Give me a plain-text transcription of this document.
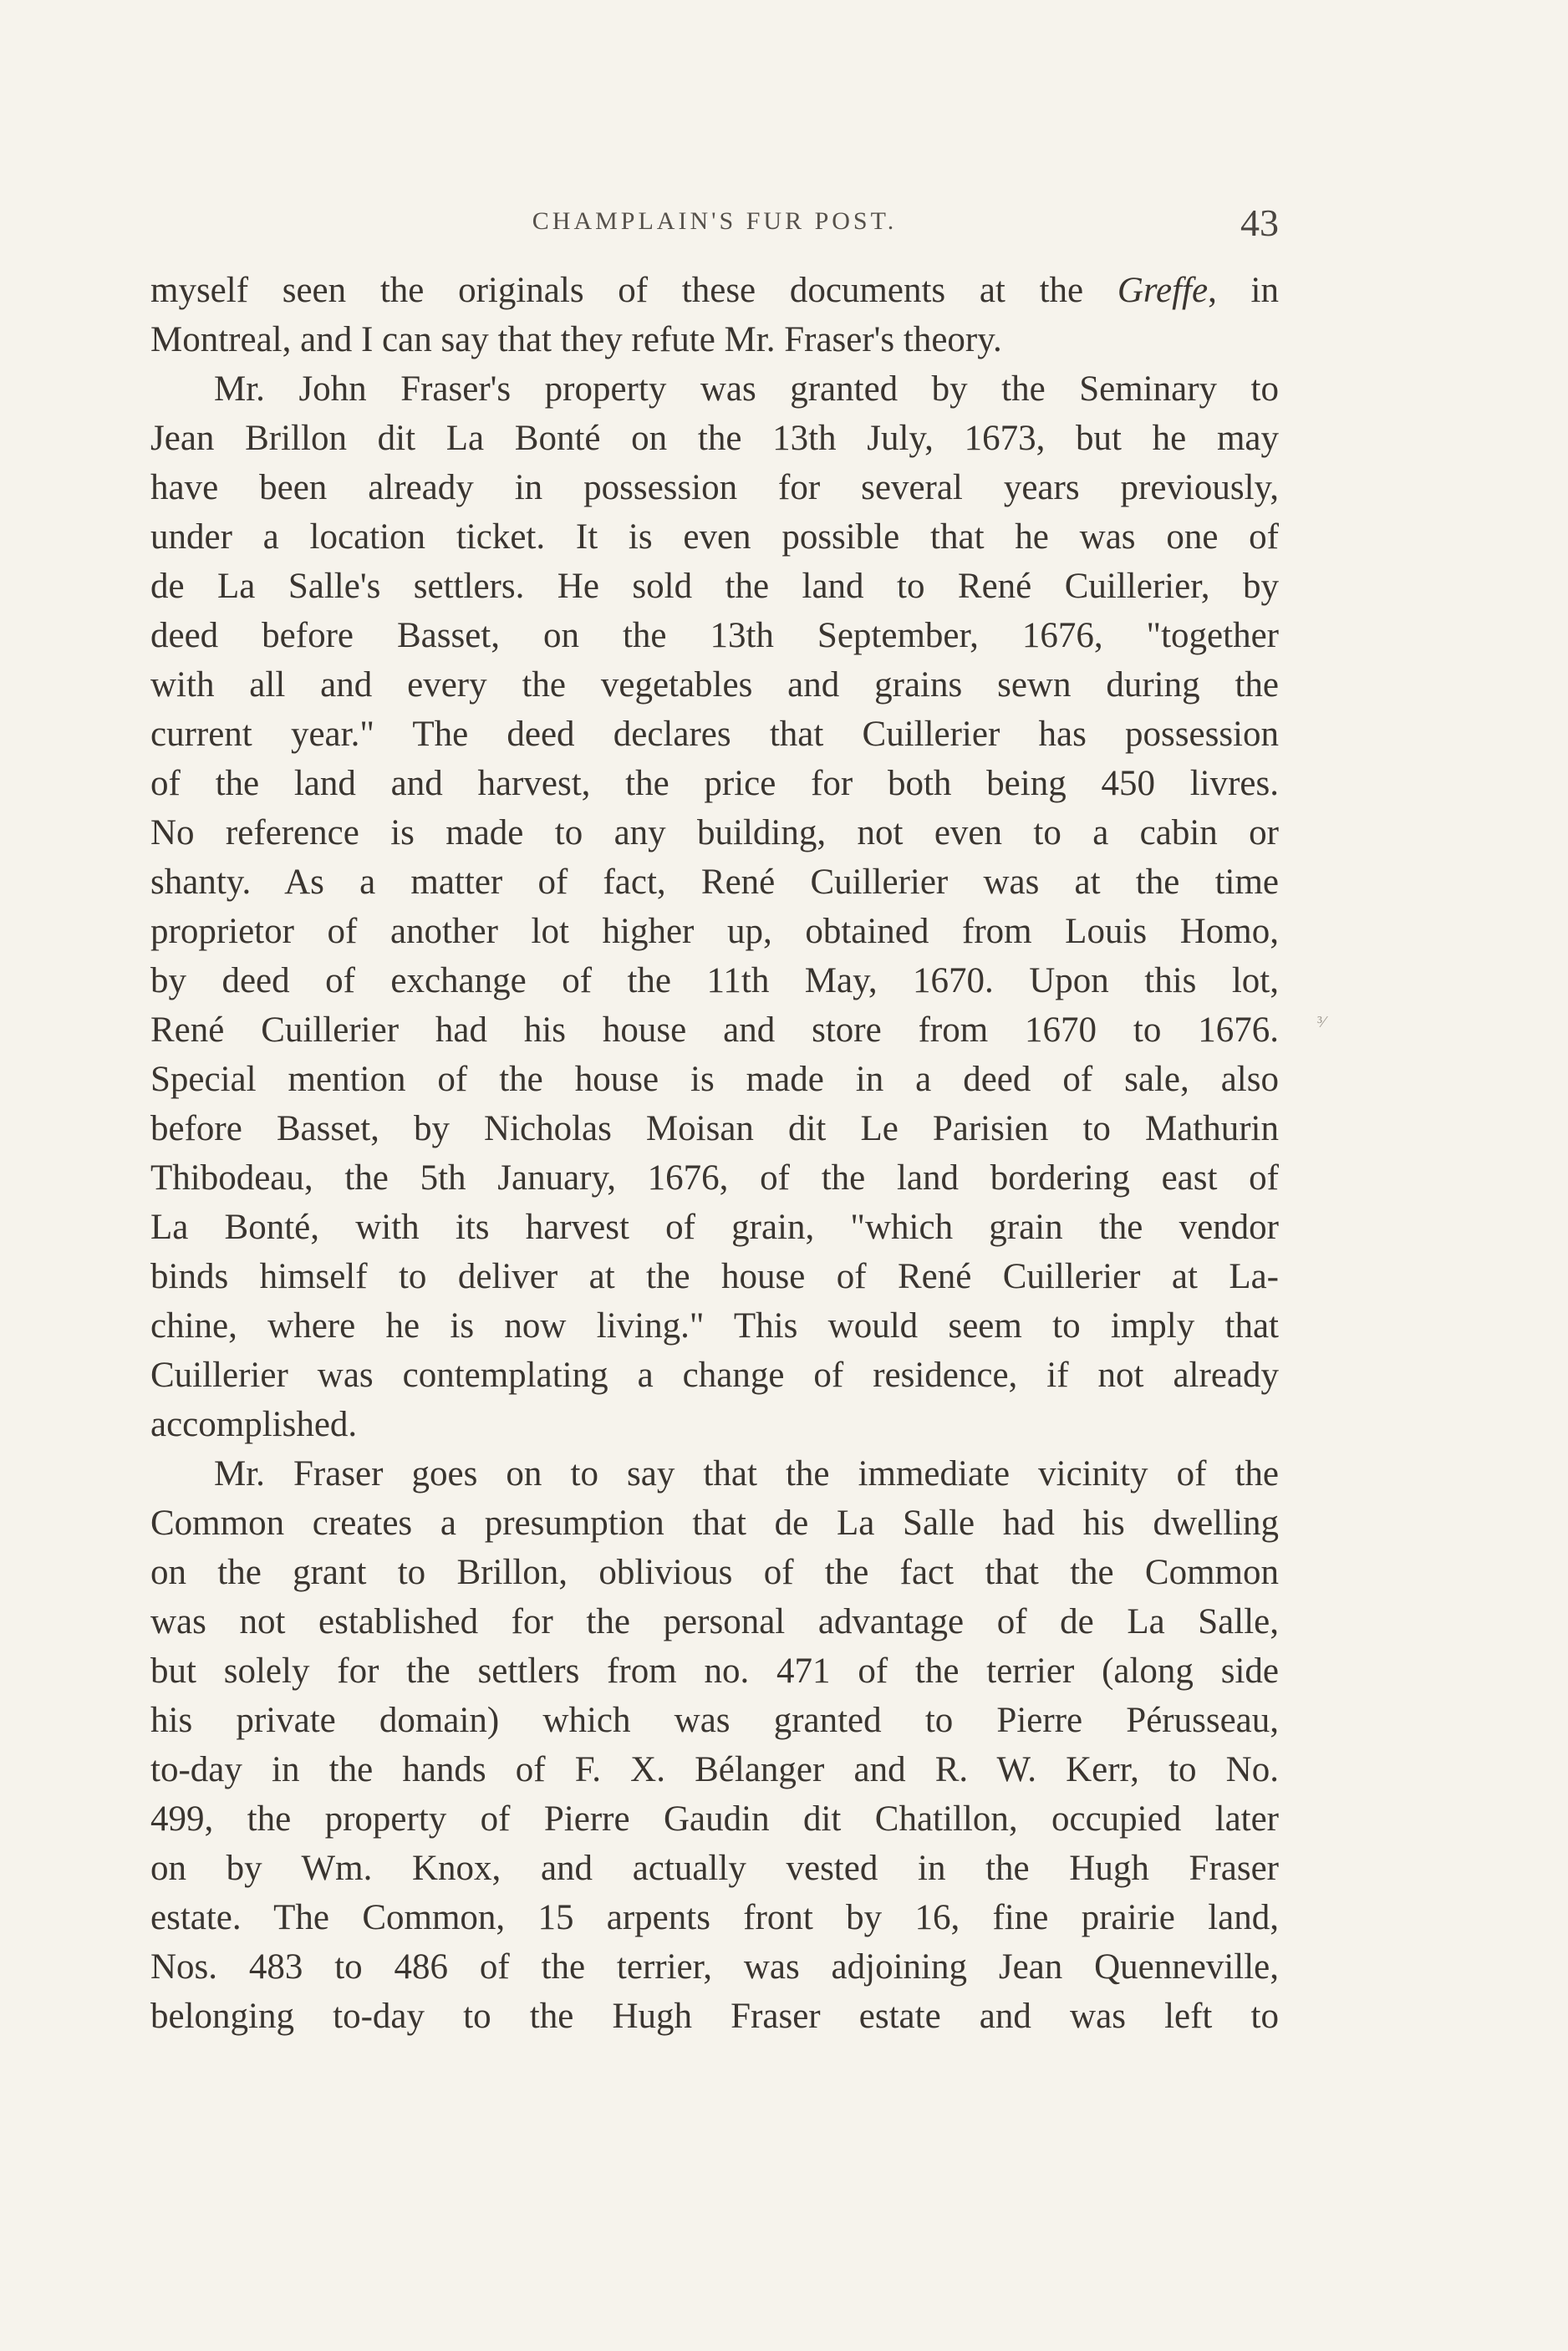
CHAMPLAIN'S FUR POST.	43
myself seen the originals of these documents at the Greffe, in
Montreal, and I can say that they refute Mr. Fraser's theory.
Mr. John Fraser's property was granted by the Seminary to
Jean Brillon dit La Bonté on the 13th July, 1673, but he may
have been already in possession for several years previously,
under a location ticket. It is even possible that he was one of
de La Salle's settlers. He sold the land to René Cuillerier, by
deed before Basset, on the 13th September, 1676, "together
with all and every the vegetables and grains sewn during the
current year." The deed declares that Cuillerier has possession
of the land and harvest, the price for both being 450 livres.
No reference is made to any building, not even to a cabin or
shanty. As a matter of fact, René Cuillerier was at the time
proprietor of another lot higher up, obtained from Louis Homo,
by deed of exchange of the 11th May, 1670. Upon this lot,
René Cuillerier had his house and store from 1670 to 1676.
Special mention of the house is made in a deed of sale, also
before Basset, by Nicholas Moisan dit Le Parisien to Mathurin
Thibodeau, the 5th January, 1676, of the land bordering east of
La Bonté, with its harvest of grain, "which grain the vendor
binds himself to deliver at the house of René Cuillerier at La-
chine, where he is now living." This would seem to imply that
Cuillerier was contemplating a change of residence, if not already
accomplished.
Mr. Fraser goes on to say that the immediate vicinity of the
Common creates a presumption that de La Salle had his dwelling
on the grant to Brillon, oblivious of the fact that the Common
was not established for the personal advantage of de La Salle,
but solely for the settlers from no. 471 of the terrier (along side
his private domain) which was granted to Pierre Pérusseau,
to-day in the hands of F. X. Bélanger and R. W. Kerr, to No.
499, the property of Pierre Gaudin dit Chatillon, occupied later
on by Wm. Knox, and actually vested in the Hugh Fraser
estate. The Common, 15 arpents front by 16, fine prairie land,
Nos. 483 to 486 of the terrier, was adjoining Jean Quenneville,
belonging to-day to the Hugh Fraser estate and was left to
³⁄
